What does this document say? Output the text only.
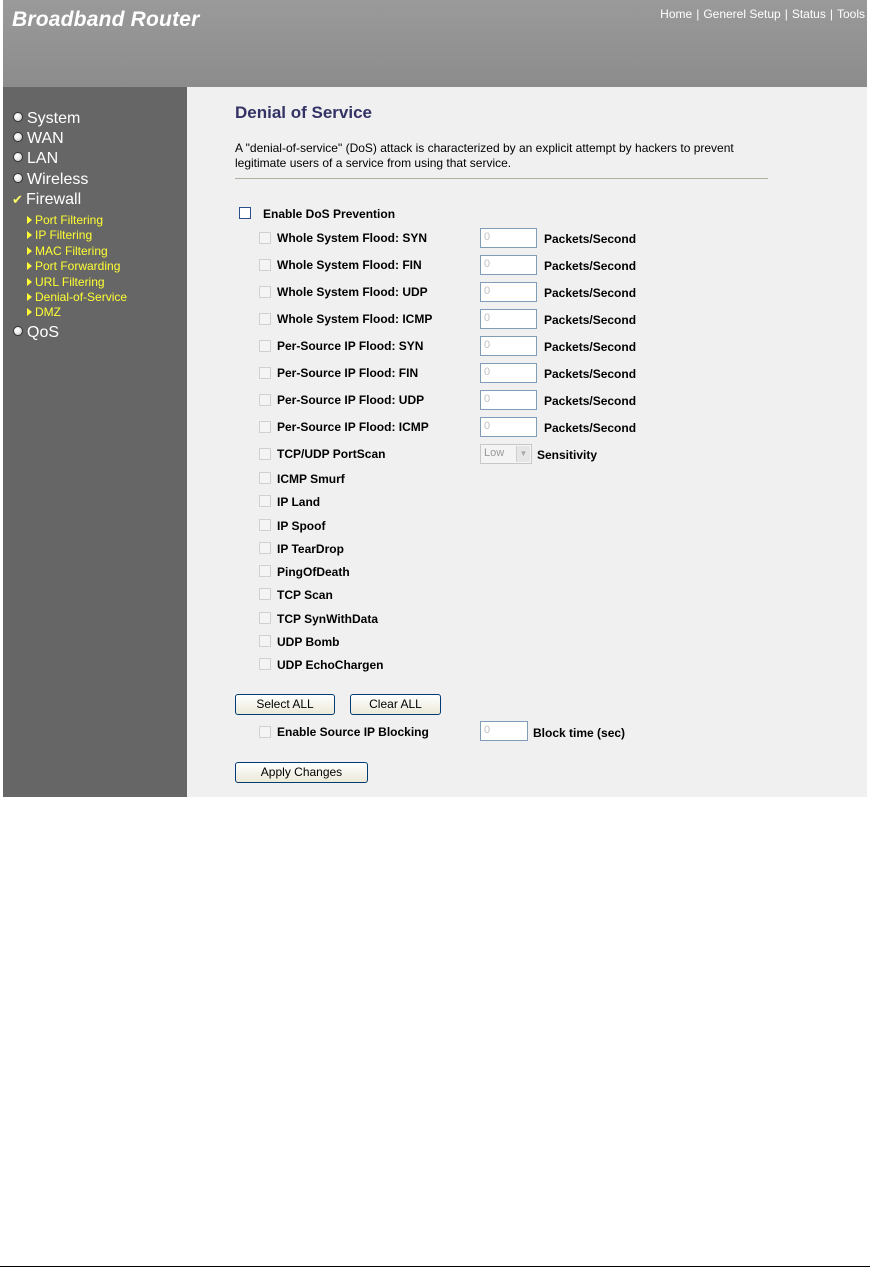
Broadband Router	Home | Generel Setup | Status | Tools
System
WAN
LAN
Wireless
✔ Firewall
Port Filtering
IP Filtering
MAC Filtering
Port Forwarding
URL Filtering
Denial-of-Service
DMZ
QoS
Denial of Service
A "denial-of-service" (DoS) attack is characterized by an explicit attempt by hackers to prevent legitimate users of a service from using that service.
Enable DoS Prevention
Whole System Flood: SYN	0	Packets/Second
Whole System Flood: FIN	0	Packets/Second
Whole System Flood: UDP	0	Packets/Second
Whole System Flood: ICMP	0	Packets/Second
Per-Source IP Flood: SYN	0	Packets/Second
Per-Source IP Flood: FIN	0	Packets/Second
Per-Source IP Flood: UDP	0	Packets/Second
Per-Source IP Flood: ICMP	0	Packets/Second
TCP/UDP PortScan	Low	▼ Sensitivity
ICMP Smurf
IP Land
IP Spoof
IP TearDrop
PingOfDeath
TCP Scan
TCP SynWithData
UDP Bomb
UDP EchoChargen
Select ALL	Clear ALL
Enable Source IP Blocking	0	Block time (sec)
Apply Changes
